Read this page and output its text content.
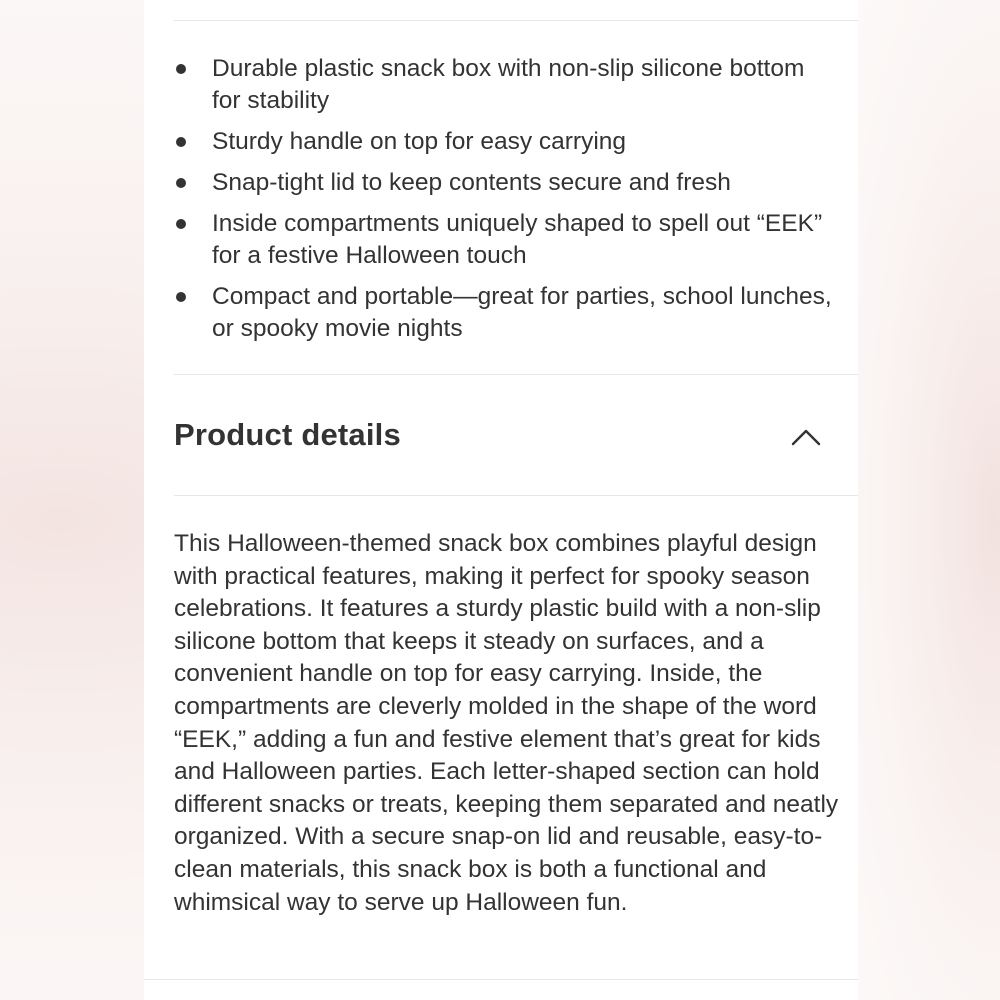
Durable plastic snack box with non-slip silicone bottom for stability
Sturdy handle on top for easy carrying
Snap-tight lid to keep contents secure and fresh
Inside compartments uniquely shaped to spell out “EEK” for a festive Halloween touch
Compact and portable—great for parties, school lunches, or spooky movie nights
Product details

This Halloween-themed snack box combines playful design with practical features, making it perfect for spooky season celebrations. It features a sturdy plastic build with a non-slip silicone bottom that keeps it steady on surfaces, and a convenient handle on top for easy carrying. Inside, the compartments are cleverly molded in the shape of the word “EEK,” adding a fun and festive element that’s great for kids and Halloween parties. Each letter-shaped section can hold different snacks or treats, keeping them separated and neatly organized. With a secure snap-on lid and reusable, easy-to-clean materials, this snack box is both a functional and whimsical way to serve up Halloween fun.
